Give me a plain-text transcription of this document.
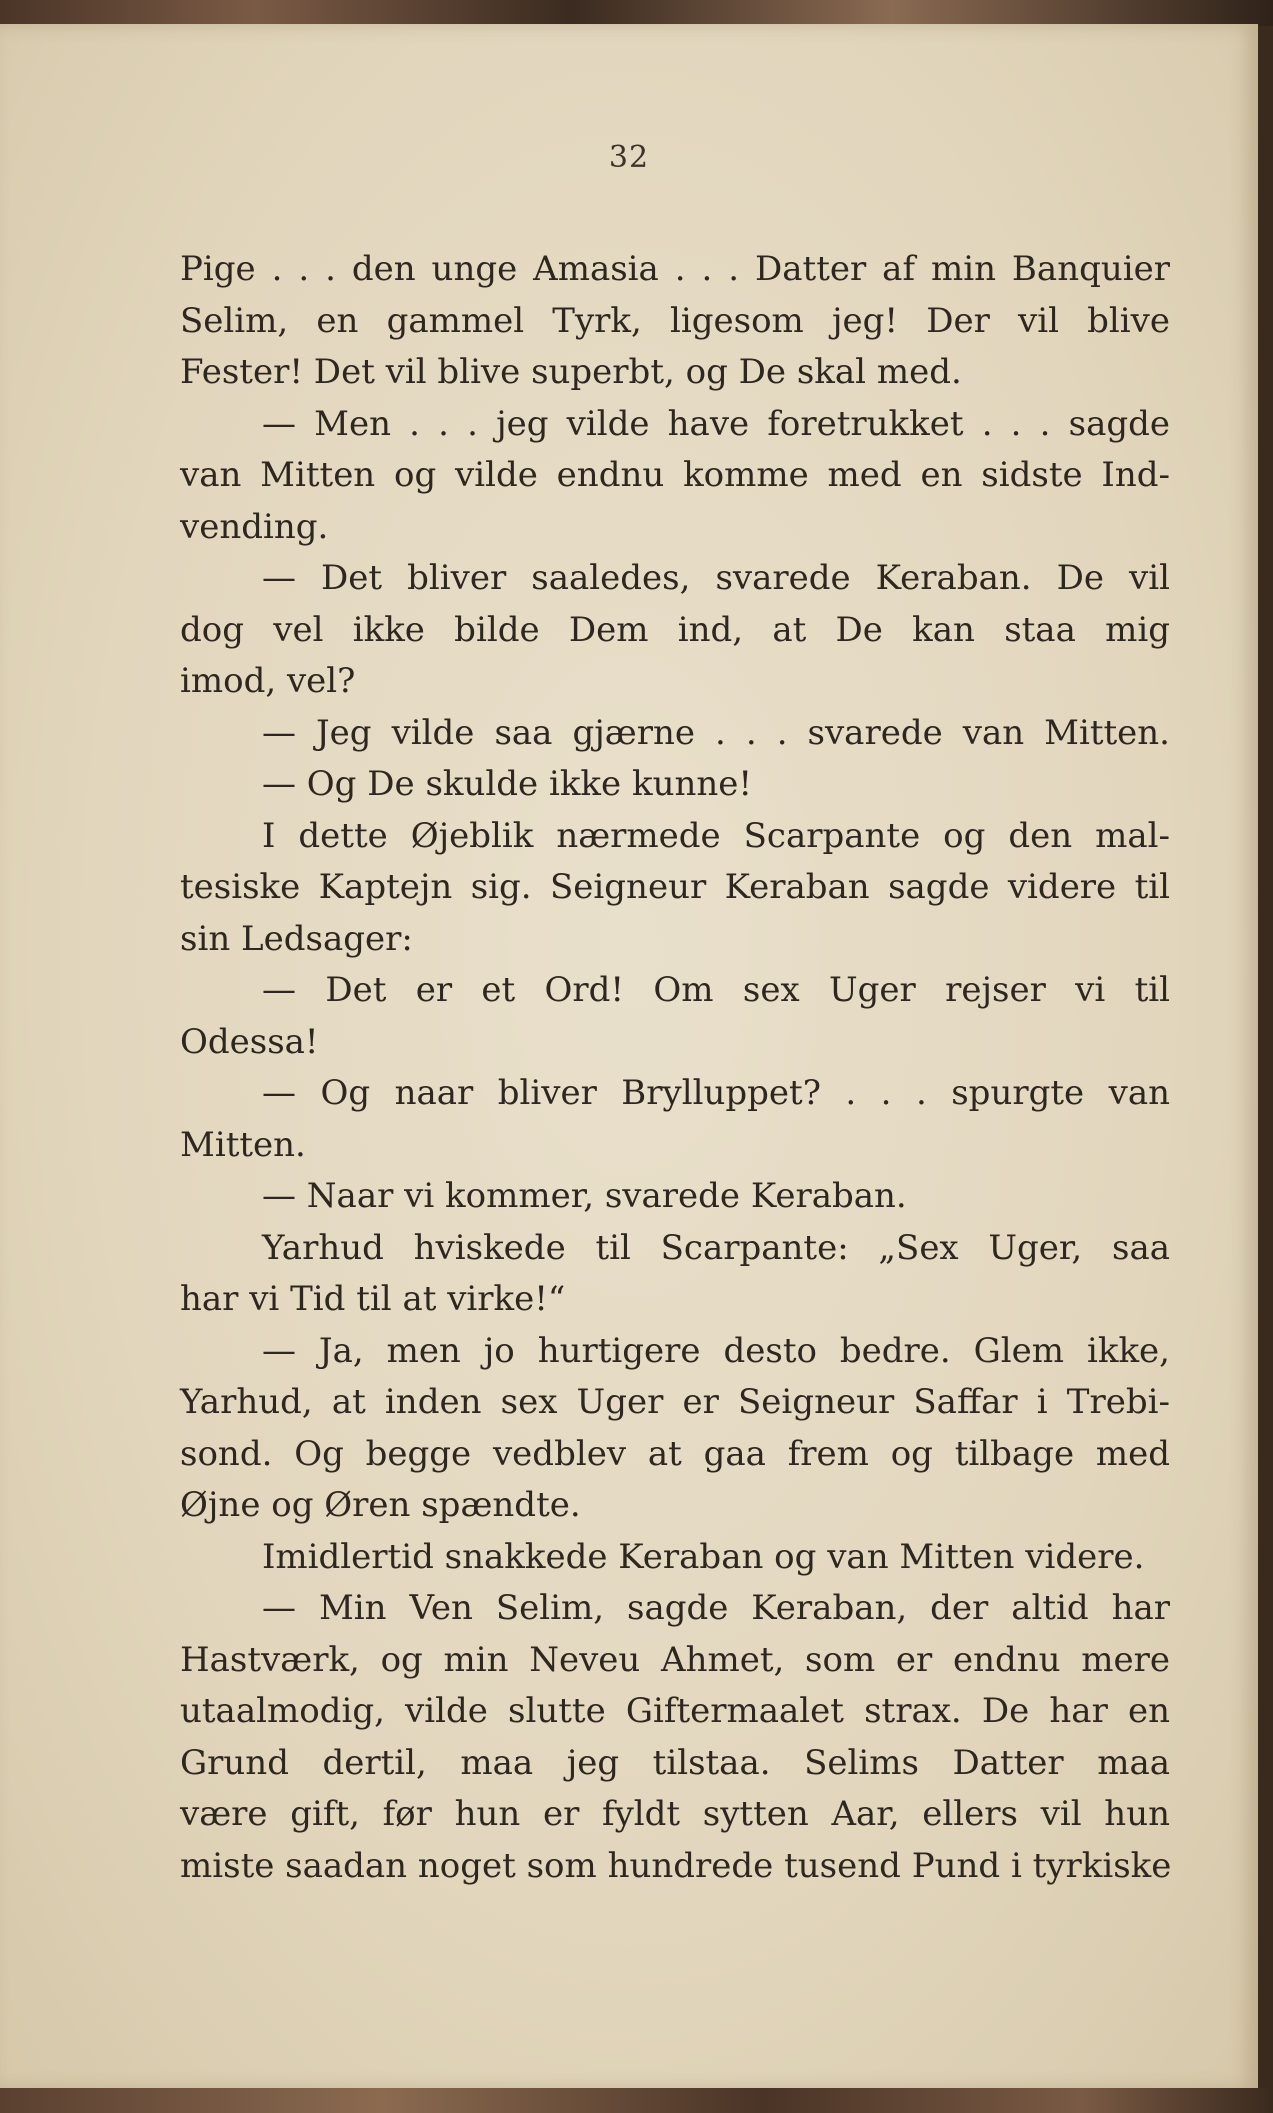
32
Pige . . . den unge Amasia . . . Datter af min Banquier
Selim, en gammel Tyrk, ligesom jeg! Der vil blive
Fester! Det vil blive superbt, og De skal med.
— Men . . . jeg vilde have foretrukket . . . sagde
van Mitten og vilde endnu komme med en sidste Ind-
vending.
— Det bliver saaledes, svarede Keraban. De vil
dog vel ikke bilde Dem ind, at De kan staa mig
imod, vel?
— Jeg vilde saa gjærne . . . svarede van Mitten.
— Og De skulde ikke kunne!
I dette Øjeblik nærmede Scarpante og den mal-
tesiske Kaptejn sig. Seigneur Keraban sagde videre til
sin Ledsager:
— Det er et Ord! Om sex Uger rejser vi til
Odessa!
— Og naar bliver Brylluppet? . . . spurgte van
Mitten.
— Naar vi kommer, svarede Keraban.
Yarhud hviskede til Scarpante: „Sex Uger, saa
har vi Tid til at virke!“
— Ja, men jo hurtigere desto bedre. Glem ikke,
Yarhud, at inden sex Uger er Seigneur Saffar i Trebi-
sond. Og begge vedblev at gaa frem og tilbage med
Øjne og Øren spændte.
Imidlertid snakkede Keraban og van Mitten videre.
— Min Ven Selim, sagde Keraban, der altid har
Hastværk, og min Neveu Ahmet, som er endnu mere
utaalmodig, vilde slutte Giftermaalet strax. De har en
Grund dertil, maa jeg tilstaa. Selims Datter maa
være gift, før hun er fyldt sytten Aar, ellers vil hun
miste saadan noget som hundrede tusend Pund i tyrkiske
